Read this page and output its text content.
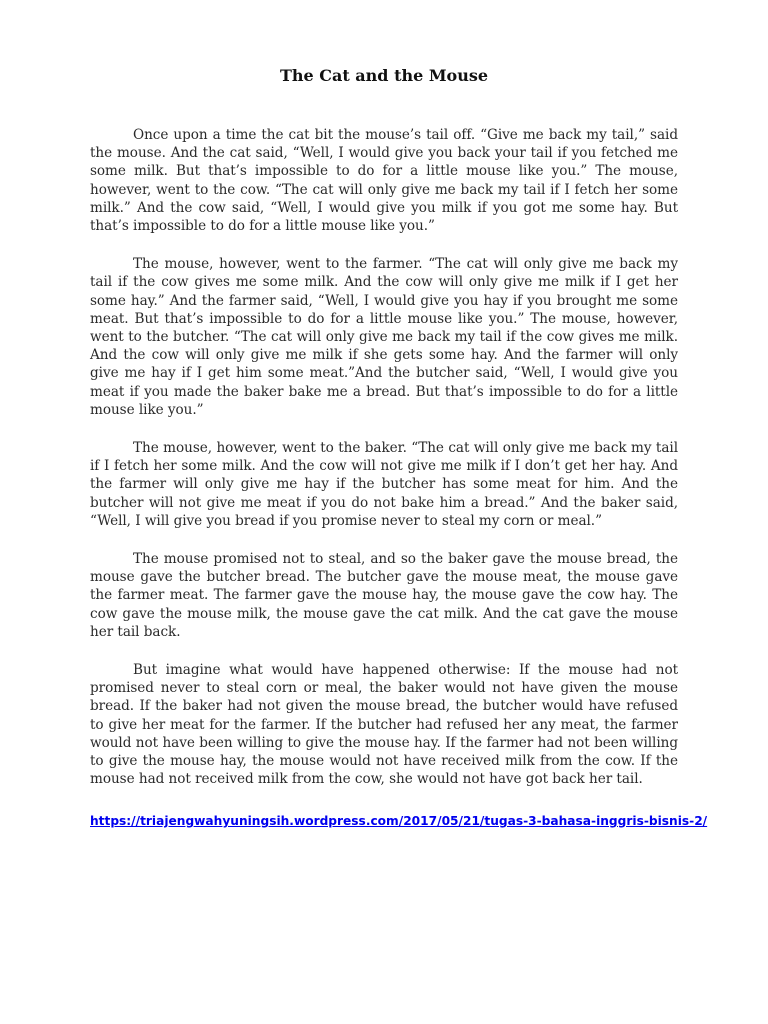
The Cat and the Mouse

Once upon a time the cat bit the mouse’s tail off. “Give me back my tail,” said the mouse. And the cat said, “Well, I would give you back your tail if you fetched me some milk. But that’s impossible to do for a little mouse like you.” The mouse, however, went to the cow. “The cat will only give me back my tail if I fetch her some milk.” And the cow said, “Well, I would give you milk if you got me some hay. But that’s impossible to do for a little mouse like you.”

The mouse, however, went to the farmer. “The cat will only give me back my tail if the cow gives me some milk. And the cow will only give me milk if I get her some hay.” And the farmer said, “Well, I would give you hay if you brought me some meat. But that’s impossible to do for a little mouse like you.” The mouse, however, went to the butcher. “The cat will only give me back my tail if the cow gives me milk. And the cow will only give me milk if she gets some hay. And the farmer will only give me hay if I get him some meat.”And the butcher said, “Well, I would give you meat if you made the baker bake me a bread. But that’s impossible to do for a little mouse like you.”

The mouse, however, went to the baker. “The cat will only give me back my tail if I fetch her some milk. And the cow will not give me milk if I don’t get her hay. And the farmer will only give me hay if the butcher has some meat for him. And the butcher will not give me meat if you do not bake him a bread.” And the baker said, “Well, I will give you bread if you promise never to steal my corn or meal.”

The mouse promised not to steal, and so the baker gave the mouse bread, the mouse gave the butcher bread. The butcher gave the mouse meat, the mouse gave the farmer meat. The farmer gave the mouse hay, the mouse gave the cow hay. The cow gave the mouse milk, the mouse gave the cat milk. And the cat gave the mouse her tail back.

But imagine what would have happened otherwise: If the mouse had not promised never to steal corn or meal, the baker would not have given the mouse bread. If the baker had not given the mouse bread, the butcher would have refused to give her meat for the farmer. If the butcher had refused her any meat, the farmer would not have been willing to give the mouse hay. If the farmer had not been willing to give the mouse hay, the mouse would not have received milk from the cow. If the mouse had not received milk from the cow, she would not have got back her tail.

https://triajengwahyuningsih.wordpress.com/2017/05/21/tugas-3-bahasa-inggris-bisnis-2/
